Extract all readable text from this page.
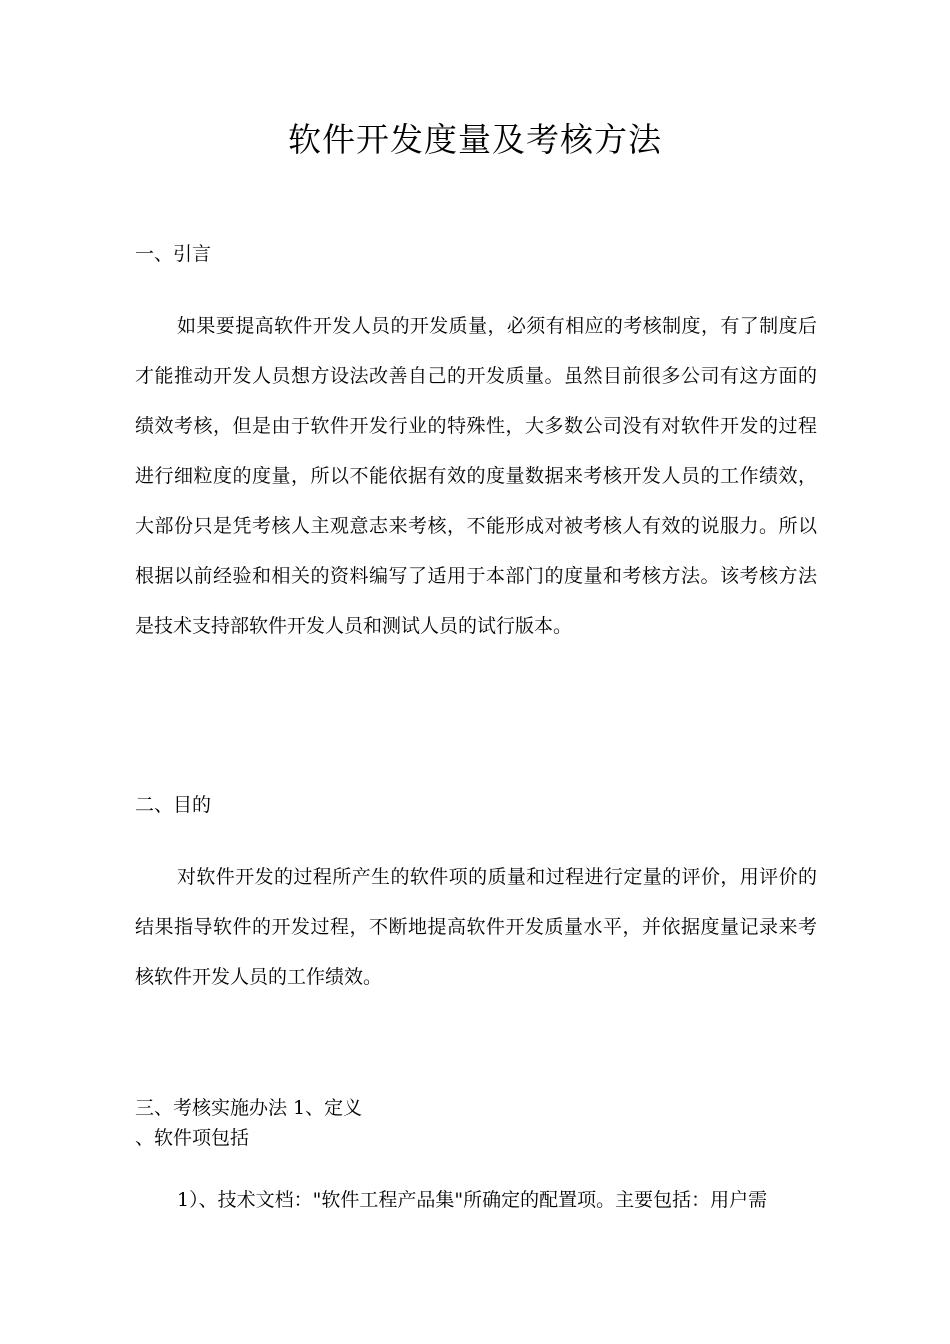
软件开发度量及考核方法
一、引言

如果要提高软件开发人员的开发质量，必须有相应的考核制度，有了制度后才能推动开发人员想方设法改善自己的开发质量。虽然目前很多公司有这方面的绩效考核，但是由于软件开发行业的特殊性，大多数公司没有对软件开发的过程进行细粒度的度量，所以不能依据有效的度量数据来考核开发人员的工作绩效，大部份只是凭考核人主观意志来考核，不能形成对被考核人有效的说服力。所以根据以前经验和相关的资料编写了适用于本部门的度量和考核方法。该考核方法是技术支持部软件开发人员和测试人员的试行版本。

二、目的

对软件开发的过程所产生的软件项的质量和过程进行定量的评价，用评价的结果指导软件的开发过程，不断地提高软件开发质量水平，并依据度量记录来考核软件开发人员的工作绩效。

三、考核实施办法 1、定义

、软件项包括

1）、技术文档："软件工程产品集"所确定的配置项。主要包括：用户需
